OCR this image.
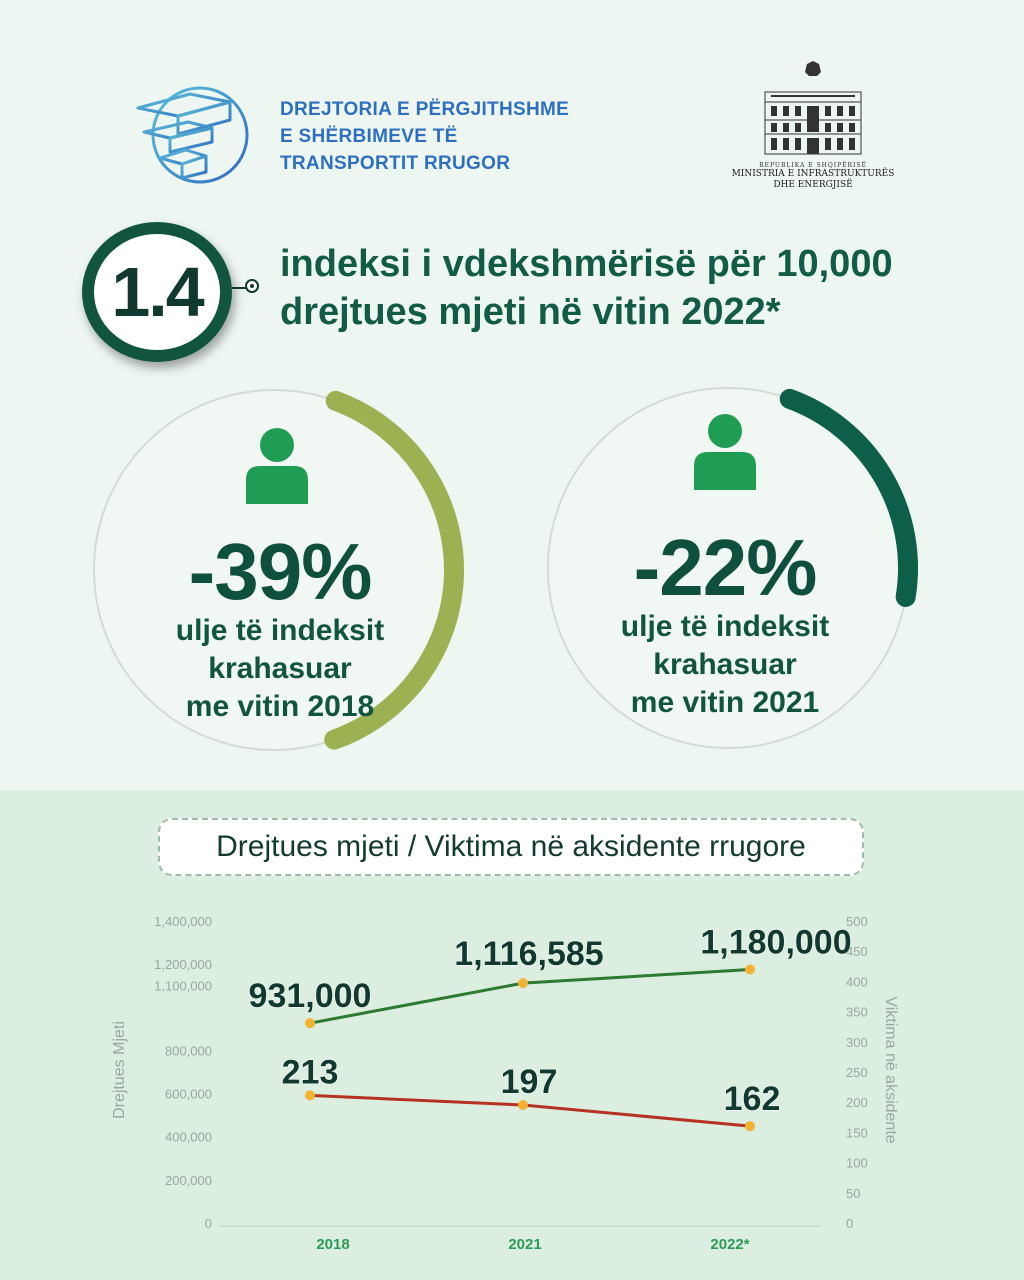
DREJTORIA E PËRGJITHSHME
E SHËRBIMEVE TË
TRANSPORTIT RRUGOR	REPUBLIKA E SHQIPËRISË
MINISTRIA E INFRASTRUKTURËS
DHE ENERGJISË
1.4	indeksi i vdekshmërisë për 10,000
drejtues mjeti në vitin 2022*
-39%
ulje të indeksit
krahasuar
me vitin 2018
-22%
ulje të indeksit
krahasuar
me vitin 2021
Drejtues mjeti / Viktima në aksidente rrugore
0
200,000
400,000
600,000
800,000
1,100,000
1,200,000
1,400,000
0
50
100
150
200
250
300
350
400
450
500
Drejtues Mjeti	Viktima në aksidente
2018	2021	2022*
931,000
1,116,585	1,180,000
213	197	162
